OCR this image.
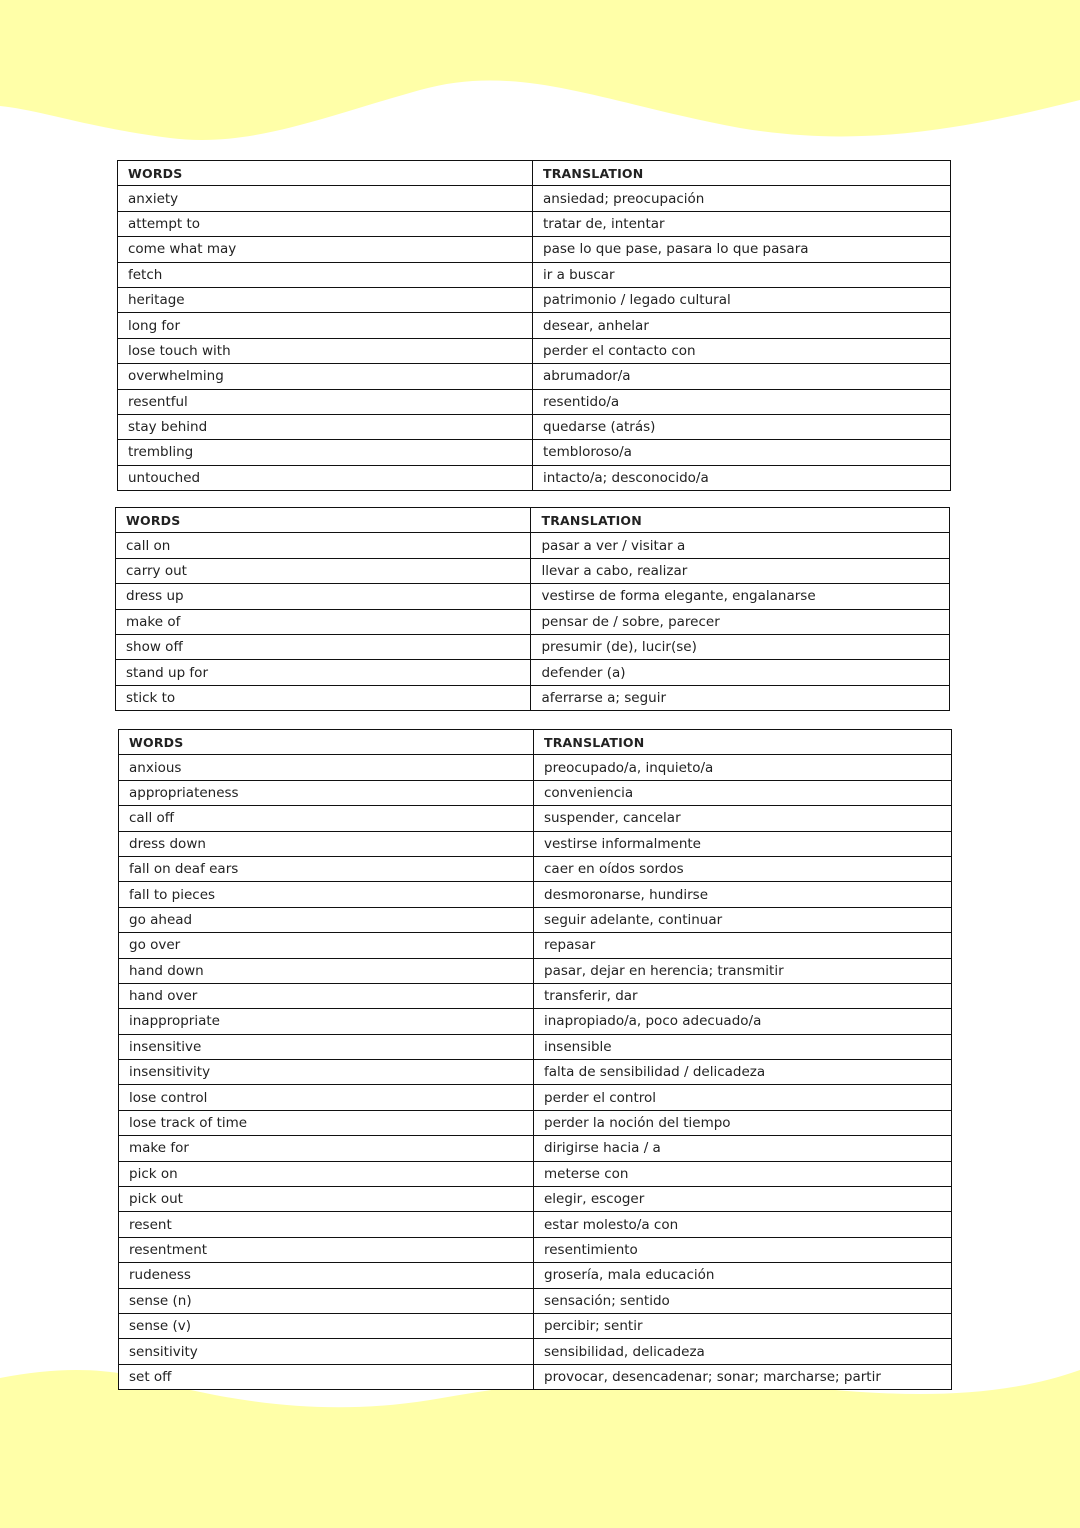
WORDS	TRANSLATION
anxiety	ansiedad; preocupación
attempt to	tratar de, intentar
come what may	pase lo que pase, pasara lo que pasara
fetch	ir a buscar
heritage	patrimonio / legado cultural
long for	desear, anhelar
lose touch with	perder el contacto con
overwhelming	abrumador/a
resentful	resentido/a
stay behind	quedarse (atrás)
trembling	tembloroso/a
untouched	intacto/a; desconocido/a
WORDS	TRANSLATION
call on	pasar a ver / visitar a
carry out	llevar a cabo, realizar
dress up	vestirse de forma elegante, engalanarse
make of	pensar de / sobre, parecer
show off	presumir (de), lucir(se)
stand up for	defender (a)
stick to	aferrarse a; seguir
WORDS	TRANSLATION
anxious	preocupado/a, inquieto/a
appropriateness	conveniencia
call off	suspender, cancelar
dress down	vestirse informalmente
fall on deaf ears	caer en oídos sordos
fall to pieces	desmoronarse, hundirse
go ahead	seguir adelante, continuar
go over	repasar
hand down	pasar, dejar en herencia; transmitir
hand over	transferir, dar
inappropriate	inapropiado/a, poco adecuado/a
insensitive	insensible
insensitivity	falta de sensibilidad / delicadeza
lose control	perder el control
lose track of time	perder la noción del tiempo
make for	dirigirse hacia / a
pick on	meterse con
pick out	elegir, escoger
resent	estar molesto/a con
resentment	resentimiento
rudeness	grosería, mala educación
sense (n)	sensación; sentido
sense (v)	percibir; sentir
sensitivity	sensibilidad, delicadeza
set off	provocar, desencadenar; sonar; marcharse; partir
